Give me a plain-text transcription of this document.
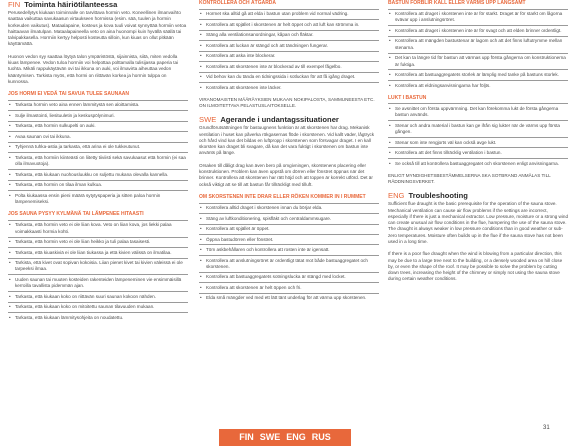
FIN Toiminta häiriötilanteessa

Perusedellytys kiukaan toiminnalle on tarvittava hormin veto. Koneellinen ilmanvaihto saattaa vaikuttaa savukaasun virtaukseen hormissa (esim. sää, tuulen ja hormin korkeuden vaikutus). Mataalapaine, kosteus ja kova tuuli voivat synnyttää hormiin vetoa haittaavan ilmatulpan. Mataalapaineella veto on aina huonompi kuin hyvällä säällä tai talvipakkasella. Hormiin kertyy helposti kosteutta silloin, kun kiuas on ollut pitkään käyttämättä.

Huonon vedon syy saattaa löytyä talon ympäristöstä, sijainnista, siitä, miten vedolla kiuas lämpenee. Vedon tuloa hormiin voi helpottaa polttamalla tulisijassa paperia tai tuohta. Mikäli rappukäytävän ovi tai ikkuna on auki, voi ilmavirta aiheuttaa vedon kääntymisen. Tarkista myös, että hormi on riittävän korkea ja hormin tulppa on kunnossa.

JOS HORMI EI VEDÄ TAI SAVUA TULEE SAUNAAN
• Tarkasta hormin veto aina ennen lämmitystä sen aloittamista.
• Sulje ilmastointi, liesituuletin ja keskuspölynimuri.
• Tarkasta, että hormin sulkupelti on auki.
• Avaa saunan ovi tai ikkuna.
• Tyhjennä tuhka-astia ja tarkasta, että arina ei ole tukkeutunut.
• Tarkasta, että hormiin kiinteästi on liitetty tiiviisti sekä savukaasut että hormin (ei saa olla ilmavuotoja).
• Tarkasta, että kiukaan nuohousluukku on suljettu mukana olevalla kannella.
• Tarkasta, että hormin on tilaa ilman kulkua.
• Polta kiukaassa ensin pieni määrä sytytyspaperia ja sitten paloa hormin lämpenemiseksi.
JOS SAUNA PYSYY KYLMÄNÄ TAI LÄMPENEE HITAASTI
• Tarkasta, että hormin veto ei ole liian kova. Veto on liian kova, jos liekki palaa voimakkaasti hormia kohti.
• Tarkasta, että hormin veto ei ole liian heikko ja tuli palaa tasaisesti.
• Tarkasta, että kiuaskiviä ei ole liian tiukassa ja että kivien välissä on ilmatilaa.
• Tarkista, että kivet ovat sopivan kokoisia. Liian pienet kivet tai kivien väleissä ei ole tarpeeksi ilmaa.
• Uuden saunan tai muuten kosteiden rakenteiden lämpeneminen vie ensimmäisillä kerroilla tavallista pidemmän ajan.
• Tarkasta, että kiukaan koko on riittävän suuri saunan kokoon nähden.
• Tarkasta, että kiukaan koko on mitoitettu saunan tilavuuden mukaan.
• Tarkasta, että kiukaan lämmitysohjeita on noudatettu.
KONTROLLERA OCH ÅTGÄRDA
• Hormet ska alltid gå att elda i bastun utan problem vid normal vädring.
• Kontrollera att spjället i skorstenen är helt öppet och att luft kan strömma in.
• Stäng alla ventilationsanordningar, kåpan och fläktar.
• Kontrollera att luckan är stängd och att tändningen fungerar.
• Kontrollera att aska inte blockerar.
• Kontrollera att skorstenen inte är blockerad av till exempel fågelbo.
• Vid behov kan du tända en tidningssida i sotluckan för att få igång draget.
• Kontrollera att skorstenen inte läcker.
VIRANOMAISTEN MÄÄRÄYKSIEN MUKAAN NOKIPALOSTA, SAMMUNEESTA ETC. ON ILMOITETTAVA PELASTUSLAITOKSELLE.
SWE Agerande i undantagssituationer

Grundförutsättningen för bastuugnens funktion är att skorstenen har drag. Mekanisk ventilation i huset kan påverka rökgasernas flöde i skorstenen. Vid kallt väder, lågtryck och hård vind kan det bildas en luftpropp i skorstenen som försvagar draget. I en kall skorsten kan draget bli svagare, då kan det vara fuktigt i skorstenen om bastun inte använts på länge.

Orsaken till dåligt drag kan även bero på omgivningen, skorstenens placering eller konstruktionen. Problem kan även uppstå om dörren eller fönstret öppnas när det brinner. Kontrollera att skorstenen har rätt höjd och att toppen är korrekt utförd. Det är också viktigt att se till att bastun får tillräckligt med tilluft.

OM SKORSTENEN INTE DRAR ELLER RÖKEN KOMMER IN I RUMMET
• Kontrollera alltid draget i skorstenen innan du börjar elda.
• Stäng av luftkonditionering, spisfläkt och centraldammsugare.
• Kontrollera att spjället är öppet.
• Öppna bastudörren eller fönstret.
• Töm askbehållaren och kontrollera att rosten inte är igensatt.
• Kontrollera att anslutningsröret är ordentligt tätat mot både bastuaggregatet och skorstenen.
• Kontrollera att bastuaggregatets sotningslucka är stängd med locket.
• Kontrollera att skorstenen är helt öppen och fri.
• Elda små mängder ved med ett lätt tänt underlag för att värma upp skorstenen.
BASTUN FÖRBLIR KALL ELLER VÄRMS UPP LÅNGSAMT
• Kontrollera att draget i skorstenen inte är för starkt. Draget är för starkt om lågorna svävar upp i anslutningsröret.
• Kontrollera att draget i skorstenen inte är för svagt och att elden brinner ordentligt.
• Kontrollera att mängden bastustenar är lagom och att det finns luftutrymme mellan stenarna.
• Det kan ta längre tid för bastun att värmas upp första gångerna om konstruktionerna är fuktiga.
• Kontrollera att bastuaggregatets storlek är lämplig med tanke på bastuns storlek.
• Kontrollera att eldningsanvisningarna har följts.
LUKT I BASTUN
• Se avsnittet om första uppvärmning. Det kan förekomma lukt de första gångerna bastun används.
• Stenar och andra material i bastun kan ge ifrån sig lukter när de värms upp första gången.
• Stenar som inte rengjorts väl kan också avge lukt.
• Kontrollera att det finns tillräcklig ventilation i bastun.
• Se också till att kontrollera bastuaggregatet och skorstenen enligt anvisningarna.
ENLIGT MYNDIGHETSBESTÄMMELSERNA SKA SOTBRAND ANMÄLAS TILL RÄDDNINGSVERKET.
ENG Troubleshooting

Sufficient flue draught is the basic prerequisite for the operation of the sauna stove. Mechanical ventilation can cause air flow problems if the settings are incorrect, especially if there is just a mechanical extractor. Low pressure, moisture or a strong wind can create unusual air flow conditions in the flue, hampering the use of the sauna stove. The draught is always weaker in low pressure conditions than in good weather or sub-zero temperatures. Moisture often builds up in the flue if the sauna stove has not been used in a long time.

If there is a poor flue draught when the wind is blowing from a particular direction, this may be due to a large tree next to the building, or a densely wooded area on hill close by, or even the shape of the roof. It may be possible to solve the problem by cutting down trees, increasing the height of the chimney or simply not using the sauna stove during certain weather conditions.

FIN SWE ENG RUS
31
